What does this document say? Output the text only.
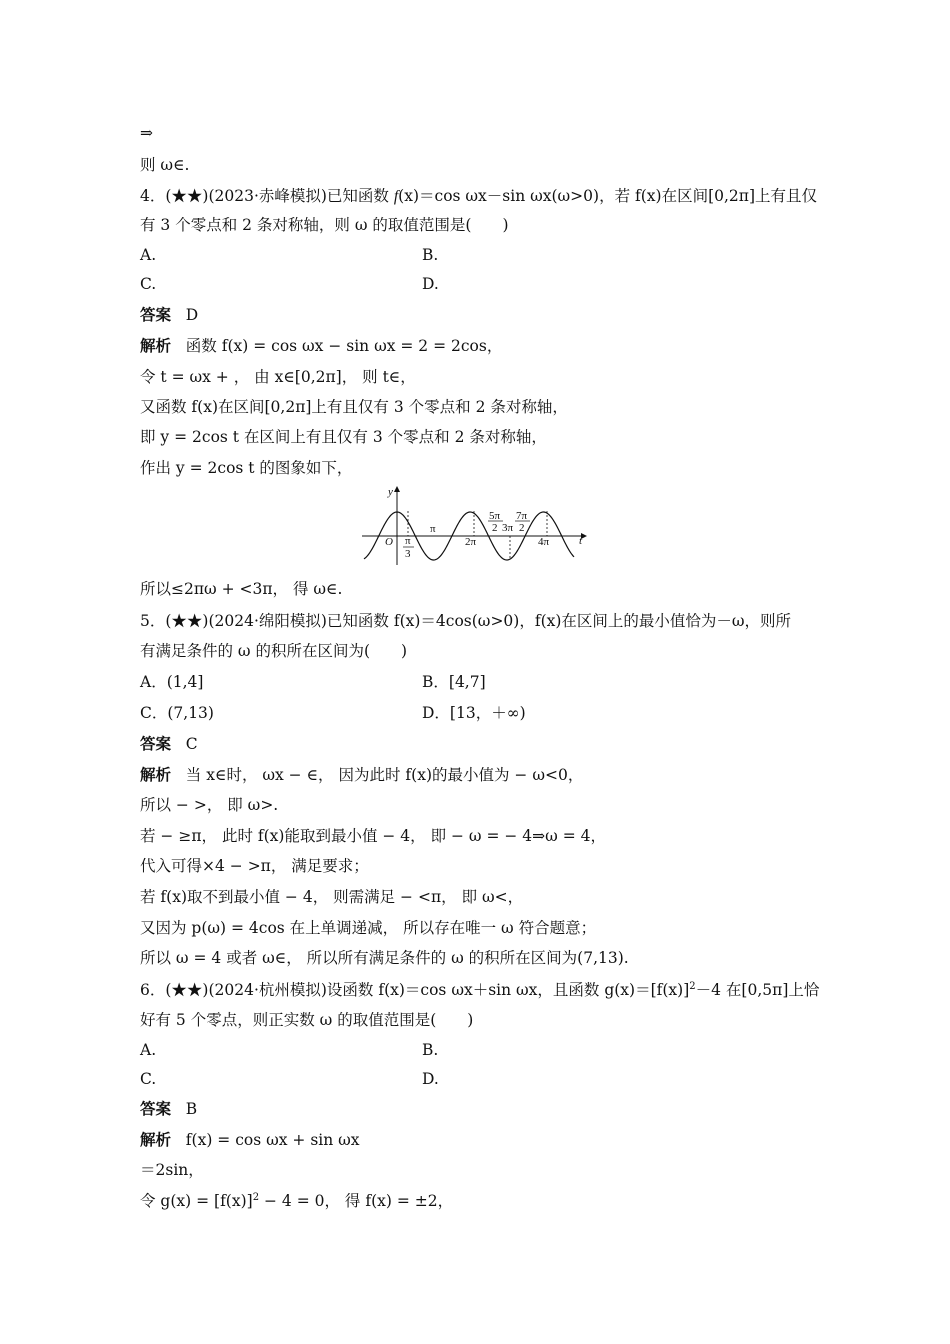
⇒
则 ω∈.
4．(★★)(2023·赤峰模拟)已知函数 f(x)＝cos ωx－sin ωx(ω>0)，若 f(x)在区间[0,2π]上有且仅
有 3 个零点和 2 条对称轴，则 ω 的取值范围是(　　)
A.	B.
C.	D.
答案 D
解析 函数 f(x) = cos ωx − sin ωx = 2 = 2cos，
令 t = ωx + ， 由 x∈[0,2π]， 则 t∈，
又函数 f(x)在区间[0,2π]上有且仅有 3 个零点和 2 条对称轴，
即 y = 2cos t 在区间上有且仅有 3 个零点和 2 条对称轴，
作出 y = 2cos t 的图象如下，
y
t
O π
3
π
2π
5π
2 3π
7π
2
4π
所以≤2πω + <3π， 得 ω∈.
5．(★★)(2024·绵阳模拟)已知函数 f(x)＝4cos(ω>0)，f(x)在区间上的最小值恰为－ω，则所
有满足条件的 ω 的积所在区间为(　　)
A．(1,4]	B．[4,7]
C．(7,13)	D．[13，＋∞)
答案 C
解析 当 x∈时， ωx − ∈， 因为此时 f(x)的最小值为 − ω<0，
所以 − >， 即 ω>.
若 − ≥π， 此时 f(x)能取到最小值 − 4， 即 − ω = − 4⇒ω = 4，
代入可得×4 − >π， 满足要求；
若 f(x)取不到最小值 − 4， 则需满足 − <π， 即 ω<，
又因为 p(ω) = 4cos 在上单调递减， 所以存在唯一 ω 符合题意；
所以 ω = 4 或者 ω∈， 所以所有满足条件的 ω 的积所在区间为(7,13).
6．(★★)(2024·杭州模拟)设函数 f(x)＝cos ωx＋sin ωx，且函数 $g(x)=[f(x)]^2-4$ 在[0,5π]上恰
好有 5 个零点，则正实数 ω 的取值范围是(　　)
A.	B.
C.	D.
答案 B
解析 f(x) = cos ωx + sin ωx
＝2sin，
令 $g(x) = [f(x)]^2 - 4 = 0$， 得 f(x) = ±2，
